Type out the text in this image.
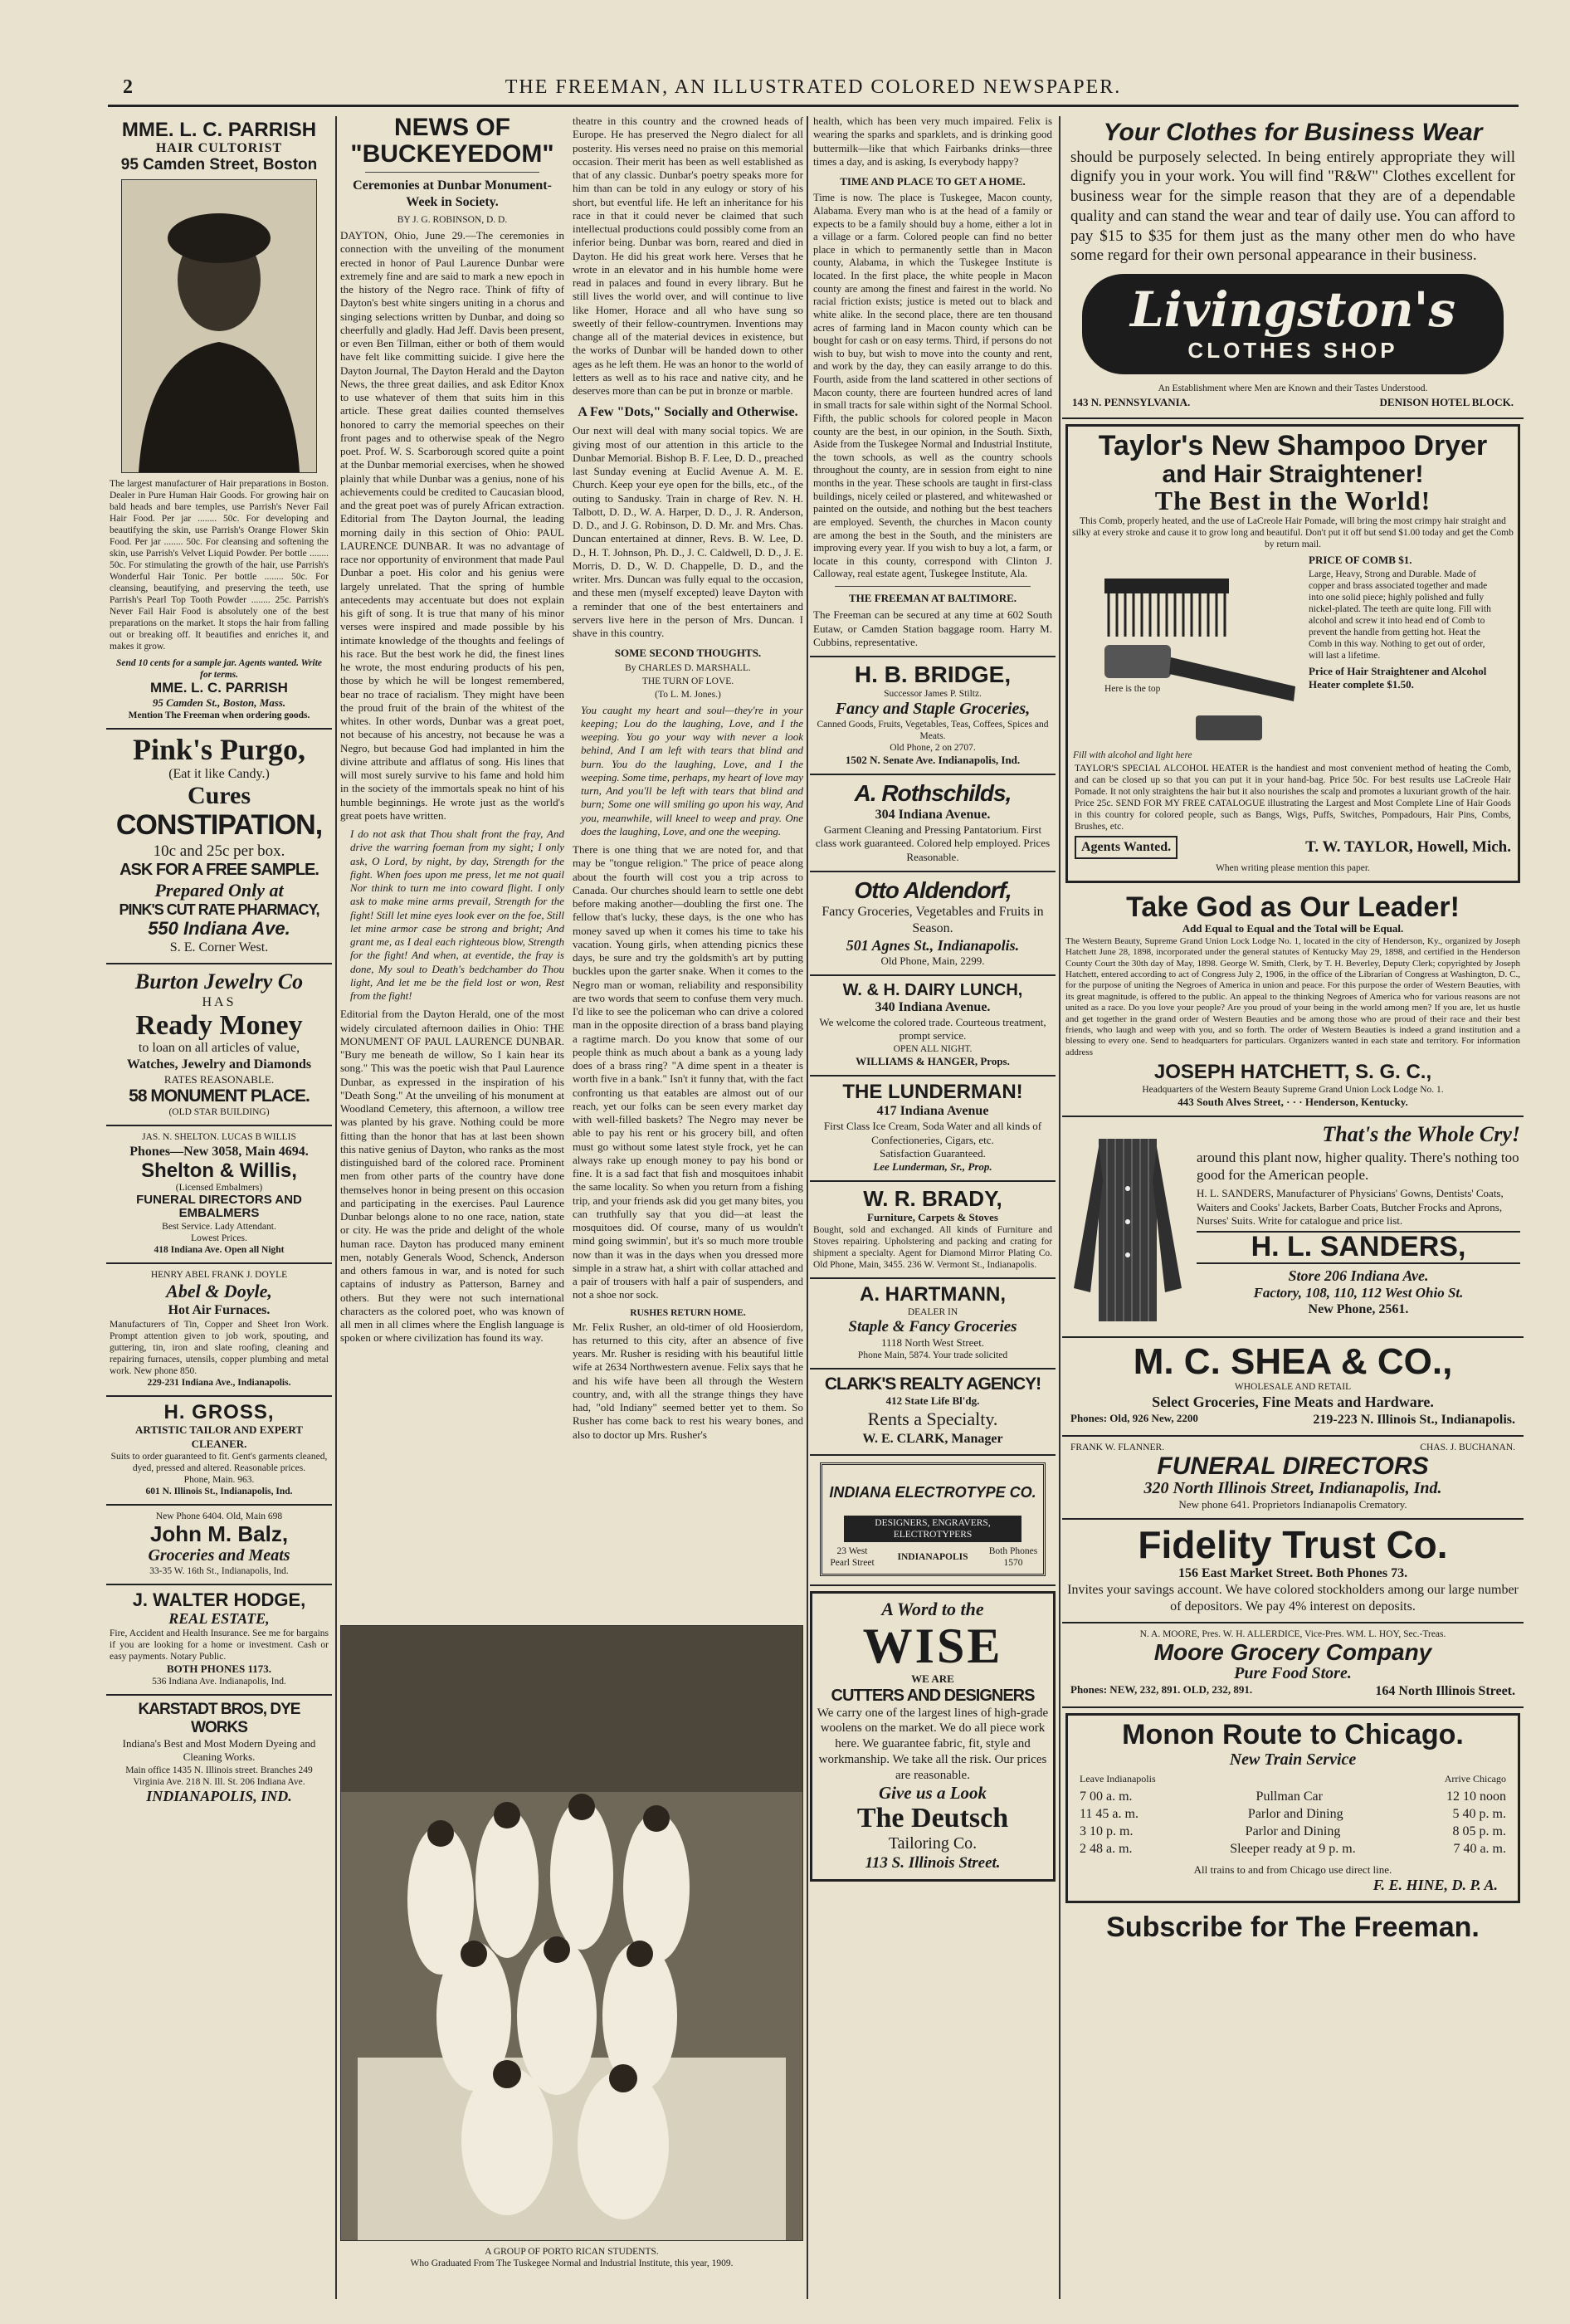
2	THE FREEMAN, AN ILLUSTRATED COLORED NEWSPAPER.

MME. L. C. PARRISH

HAIR CULTORIST

95 Camden Street, Boston

The largest manufacturer of Hair preparations in Boston. Dealer in Pure Human Hair Goods. For growing hair on bald heads and bare temples, use Parrish's Never Fail Hair Food. Per jar ........ 50c. For developing and beautifying the skin, use Parrish's Orange Flower Skin Food. Per jar ........ 50c. For cleansing and softening the skin, use Parrish's Velvet Liquid Powder. Per bottle ........ 50c. For stimulating the growth of the hair, use Parrish's Wonderful Hair Tonic. Per bottle ........ 50c. For cleansing, beautifying, and preserving the teeth, use Parrish's Pearl Top Tooth Powder ........ 25c. Parrish's Never Fail Hair Food is absolutely one of the best preparations on the market. It stops the hair from falling out or breaking off. It beautifies and enriches it, and makes it grow.

Send 10 cents for a sample jar. Agents wanted. Write for terms.

MME. L. C. PARRISH

95 Camden St., Boston, Mass.

Mention The Freeman when ordering goods.

Pink's Purgo,

(Eat it like Candy.)

Cures

CONSTIPATION,

10c and 25c per box.

ASK FOR A FREE SAMPLE.

Prepared Only at

PINK'S CUT RATE PHARMACY,

550 Indiana Ave.

S. E. Corner West.

Burton Jewelry Co

HAS

Ready Money

to loan on all articles of value,

Watches, Jewelry and Diamonds

RATES REASONABLE.

58 MONUMENT PLACE.

(OLD STAR BUILDING)

JAS. N. SHELTON. LUCAS B WILLIS

Phones—New 3058, Main 4694.

Shelton & Willis,

(Licensed Embalmers)

FUNERAL DIRECTORS AND EMBALMERS

Best Service. Lady Attendant.

Lowest Prices.

418 Indiana Ave. Open all Night

HENRY ABEL FRANK J. DOYLE

Abel & Doyle,

Hot Air Furnaces.

Manufacturers of Tin, Copper and Sheet Iron Work. Prompt attention given to job work, spouting, and guttering, tin, iron and slate roofing, cleaning and repairing furnaces, utensils, copper plumbing and metal work. New phone 850.

229-231 Indiana Ave., Indianapolis.

H. GROSS,

ARTISTIC TAILOR AND EXPERT CLEANER.

Suits to order guaranteed to fit. Gent's garments cleaned, dyed, pressed and altered. Reasonable prices.

Phone, Main. 963.

601 N. Illinois St., Indianapolis, Ind.

New Phone 6404. Old, Main 698

John M. Balz,

Groceries and Meats

33-35 W. 16th St., Indianapolis, Ind.

J. WALTER HODGE,

REAL ESTATE,

Fire, Accident and Health Insurance. See me for bargains if you are looking for a home or investment. Cash or easy payments. Notary Public.

BOTH PHONES 1173.

536 Indiana Ave. Indianapolis, Ind.

KARSTADT BROS, DYE WORKS

Indiana's Best and Most Modern Dyeing and Cleaning Works.

Main office 1435 N. Illinois street. Branches 249 Virginia Ave. 218 N. Ill. St. 206 Indiana Ave.

INDIANAPOLIS, IND.

NEWS OF "BUCKEYEDOM"

Ceremonies at Dunbar Monument-Week in Society.

BY J. G. ROBINSON, D. D.

DAYTON, Ohio, June 29.—The ceremonies in connection with the unveiling of the monument erected in honor of Paul Laurence Dunbar were extremely fine and are said to mark a new epoch in the history of the Negro race. Think of fifty of Dayton's best white singers uniting in a chorus and singing selections written by Dunbar, and doing so cheerfully and gladly. Had Jeff. Davis been present, or even Ben Tillman, either or both of them would have felt like committing suicide. I give here the Dayton Journal, The Dayton Herald and the Dayton News, the three great dailies, and ask Editor Knox to use whatever of them that suits him in this article. These great dailies counted themselves honored to carry the memorial speeches on their front pages and to otherwise speak of the Negro poet. Prof. W. S. Scarborough scored quite a point at the Dunbar memorial exercises, when he showed plainly that while Dunbar was a genius, none of his achievements could be credited to Caucasian blood, and the great poet was of purely African extraction. Editorial from The Dayton Journal, the leading morning daily in this section of Ohio: PAUL LAURENCE DUNBAR. It was no advantage of race nor opportunity of environment that made Paul Dunbar a poet. His color and his genius were largely unrelated. That the spring of humble antecedents may accentuate but does not explain his gift of song. It is true that many of his minor verses were inspired and made possible by his intimate knowledge of the thoughts and feelings of his race. But the best work he did, the finest lines he wrote, the most enduring products of his pen, those by which he will be longest remembered, bear no trace of racialism. They might have been the proud fruit of the brain of the whitest of the whites. In other words, Dunbar was a great poet, not because of his ancestry, not because he was a Negro, but because God had implanted in him the divine attribute and afflatus of song. His lines that will most surely survive to his fame and hold him in the society of the immortals speak no hint of his humble beginnings. He wrote just as the world's great poets have written.

I do not ask that Thou shalt front the fray, And drive the warring foeman from my sight; I only ask, O Lord, by night, by day, Strength for the fight. When foes upon me press, let me not quail Nor think to turn me into coward flight. I only ask to make mine arms prevail, Strength for the fight! Still let mine eyes look ever on the foe, Still let mine armor case be strong and bright; And grant me, as I deal each righteous blow, Strength for the fight! And when, at eventide, the fray is done, My soul to Death's bedchamber do Thou light, And let me be the field lost or won, Rest from the fight!

Editorial from the Dayton Herald, one of the most widely circulated afternoon dailies in Ohio: THE MONUMENT OF PAUL LAURENCE DUNBAR. "Bury me beneath de willow, So I kain hear its song." This was the poetic wish that Paul Laurence Dunbar, as expressed in the inspiration of his "Death Song." At the unveiling of his monument at Woodland Cemetery, this afternoon, a willow tree was planted by his grave. Nothing could be more fitting than the honor that has at last been shown this native genius of Dayton, who ranks as the most distinguished bard of the colored race. Prominent men from other parts of the country have done themselves honor in being present on this occasion and participating in the exercises. Paul Laurence Dunbar belongs alone to no one race, nation, state or city. He was the pride and delight of the whole human race. Dayton has produced many eminent men, notably Generals Wood, Schenck, Anderson and others famous in war, and is noted for such captains of industry as Patterson, Barney and others. But they were not such international characters as the colored poet, who was known of all men in all climes where the English language is spoken or where civilization has found its way.

theatre in this country and the crowned heads of Europe. He has preserved the Negro dialect for all posterity. His verses need no praise on this memorial occasion. Their merit has been as well established as that of any classic. Dunbar's poetry speaks more for him than can be told in any eulogy or story of his short, but eventful life. He left an inheritance for his race in that it could never be claimed that such intellectual productions could possibly come from an inferior being. Dunbar was born, reared and died in Dayton. He did his great work here. Verses that he wrote in an elevator and in his humble home were read in palaces and found in every library. But he still lives the world over, and will continue to live like Homer, Horace and all who have sung so sweetly of their fellow-countrymen. Inventions may change all of the material devices in existence, but the works of Dunbar will be handed down to other ages as he left them. He was an honor to the world of letters as well as to his race and native city, and he deserves more than can be put in bronze or marble.

A Few "Dots," Socially and Otherwise.

Our next will deal with many social topics. We are giving most of our attention in this article to the Dunbar Memorial. Bishop B. F. Lee, D. D., preached last Sunday evening at Euclid Avenue A. M. E. Church. Keep your eye open for the bills, etc., of the outing to Sandusky. Train in charge of Rev. N. H. Talbott, D. D., W. A. Harper, D. D., J. R. Anderson, D. D., and J. G. Robinson, D. D. Mr. and Mrs. Chas. Duncan entertained at dinner, Revs. B. W. Lee, D. D., H. T. Johnson, Ph. D., J. C. Caldwell, D. D., J. E. Morris, D. D., W. D. Chappelle, D. D., and the writer. Mrs. Duncan was fully equal to the occasion, and these men (myself excepted) leave Dayton with a reminder that one of the best entertainers and servers live here in the person of Mrs. Duncan. I shave in this country.

SOME SECOND THOUGHTS.

By CHARLES D. MARSHALL.

THE TURN OF LOVE.

(To L. M. Jones.)

You caught my heart and soul—they're in your keeping; Lou do the laughing, Love, and I the weeping. You go your way with never a look behind, And I am left with tears that blind and burn. You do the laughing, Love, and I the weeping. Some time, perhaps, my heart of love may turn, And you'll be left with tears that blind and burn; Some one will smiling go upon his way, And you, meanwhile, will kneel to weep and pray. One does the laughing, Love, and one the weeping.

There is one thing that we are noted for, and that may be "tongue religion." The price of peace along about the fourth will cost you a trip across to Canada. Our churches should learn to settle one debt before making another—doubling the first one. The fellow that's lucky, these days, is the one who has money saved up when it comes his time to take his vacation. Young girls, when attending picnics these days, be sure and try the goldsmith's art by putting buckles upon the garter snake. When it comes to the Negro man or woman, reliability and responsibility are two words that seem to confuse them very much. I'd like to see the policeman who can drive a colored man in the opposite direction of a brass band playing a ragtime march. Do you know that some of our people think as much about a bank as a young lady does of a brass ring? "A dime spent in a theater is worth five in a bank." Isn't it funny that, with the fact confronting us that eatables are almost out of our reach, yet our folks can be seen every market day with well-filled baskets? The Negro may never be able to pay his rent or his grocery bill, and often must go without some latest style frock, yet he can always rake up enough money to pay his bond or fine. It is a sad fact that fish and mosquitoes inhabit the same locality. So when you return from a fishing trip, and your friends ask did you get many bites, you can truthfully say that you did—at least the mosquitoes did. Of course, many of us wouldn't mind going swimmin', but it's so much more trouble now than it was in the days when you dressed more simple in a straw hat, a shirt with collar attached and a pair of trousers with half a pair of suspenders, and not a shoe nor sock.

RUSHES RETURN HOME.

Mr. Felix Rusher, an old-timer of old Hoosierdom, has returned to this city, after an absence of five years. Mr. Rusher is residing with his beautiful little wife at 2634 Northwestern avenue. Felix says that he and his wife have been all through the Western country, and, with all the strange things they have had, "old Indiany" seemed better yet to them. So Rusher has come back to rest his weary bones, and also to doctor up Mrs. Rusher's

A GROUP OF PORTO RICAN STUDENTS.

Who Graduated From The Tuskegee Normal and Industrial Institute, this year, 1909.

health, which has been very much impaired. Felix is wearing the sparks and sparklets, and is drinking good buttermilk—like that which Fairbanks drinks—three times a day, and is asking, Is everybody happy?

TIME AND PLACE TO GET A HOME.

Time is now. The place is Tuskegee, Macon county, Alabama. Every man who is at the head of a family or expects to be a family should buy a home, either a lot in a village or a farm. Colored people can find no better place in which to permanently settle than in Macon county, Alabama, in which the Tuskegee Institute is located. In the first place, the white people in Macon county are among the finest and fairest in the world. No racial friction exists; justice is meted out to black and white alike. In the second place, there are ten thousand acres of farming land in Macon county which can be bought for cash or on easy terms. Third, if persons do not wish to buy, but wish to move into the county and rent, and work by the day, they can easily arrange to do this. Fourth, aside from the land scattered in other sections of Macon county, there are fourteen hundred acres of land in small tracts for sale within sight of the Normal School. Fifth, the public schools for colored people in Macon county are the best, in our opinion, in the South. Sixth, Aside from the Tuskegee Normal and Industrial Institute, the town schools, as well as the country schools throughout the county, are in session from eight to nine months in the year. These schools are taught in first-class buildings, nicely ceiled or plastered, and whitewashed or painted on the outside, and nothing but the best teachers are employed. Seventh, the churches in Macon county are among the best in the South, and the ministers are improving every year. If you wish to buy a lot, a farm, or locate in this county, correspond with Clinton J. Calloway, real estate agent, Tuskegee Institute, Ala.

THE FREEMAN AT BALTIMORE.

The Freeman can be secured at any time at 602 South Eutaw, or Camden Station baggage room. Harry M. Cubbins, representative.

H. B. BRIDGE,

Successor James P. Stiltz.

Fancy and Staple Groceries,

Canned Goods, Fruits, Vegetables, Teas, Coffees, Spices and Meats.

Old Phone, 2 on 2707.

1502 N. Senate Ave. Indianapolis, Ind.

A. Rothschilds,

304 Indiana Avenue.

Garment Cleaning and Pressing Pantatorium. First class work guaranteed. Colored help employed. Prices Reasonable.

Otto Aldendorf,

Fancy Groceries, Vegetables and Fruits in Season.

501 Agnes St., Indianapolis.

Old Phone, Main, 2299.

W. & H. DAIRY LUNCH,

340 Indiana Avenue.

We welcome the colored trade. Courteous treatment, prompt service.

OPEN ALL NIGHT.

WILLIAMS & HANGER, Props.

THE LUNDERMAN!

417 Indiana Avenue

First Class Ice Cream, Soda Water and all kinds of Confectioneries, Cigars, etc.

Satisfaction Guaranteed.

Lee Lunderman, Sr., Prop.

W. R. BRADY,

Furniture, Carpets & Stoves

Bought, sold and exchanged. All kinds of Furniture and Stoves repairing. Upholstering and packing and crating for shipment a specialty. Agent for Diamond Mirror Plating Co. Old Phone, Main, 3455. 236 W. Vermont St., Indianapolis.

A. HARTMANN,

DEALER IN

Staple & Fancy Groceries

1118 North West Street.

Phone Main, 5874. Your trade solicited

CLARK'S REALTY AGENCY!

412 State Life Bl'dg.

Rents a Specialty.

W. E. CLARK, Manager

INDIANA ELECTROTYPE CO.

DESIGNERS, ENGRAVERS, ELECTROTYPERS

23 West Pearl Street
INDIANAPOLIS
Both Phones 1570

A Word to the

WISE

WE ARE

CUTTERS AND DESIGNERS

We carry one of the largest lines of high-grade woolens on the market. We do all piece work here. We guarantee fabric, fit, style and workmanship. We take all the risk. Our prices are reasonable.

Give us a Look

The Deutsch

Tailoring Co.

113 S. Illinois Street.

Your Clothes for Business Wear

should be purposely selected. In being entirely appropriate they will dignify you in your work. You will find "R&W" Clothes excellent for business wear for the simple reason that they are of a dependable quality and can stand the wear and tear of daily use. You can afford to pay $15 to $35 for them just as the many other men do who have some regard for their own personal appearance in their business.

Livingston's

CLOTHES SHOP

An Establishment where Men are Known and their Tastes Understood.

143 N. PENNSYLVANIA.	DENISON HOTEL BLOCK.

Taylor's New Shampoo Dryer

and Hair Straightener!

The Best in the World!

This Comb, properly heated, and the use of LaCreole Hair Pomade, will bring the most crimpy hair straight and silky at every stroke and cause it to grow long and beautiful. Don't put it off but send $1.00 today and get the Comb by return mail.

Here is the top
Fill with alcohol and light here

PRICE OF COMB $1.

Large, Heavy, Strong and Durable. Made of copper and brass associated together and made into one solid piece; highly polished and fully nickel-plated. The teeth are quite long. Fill with alcohol and screw it into head end of Comb to prevent the handle from getting hot. Heat the Comb in this way. Nothing to get out of order, will last a lifetime.

Price of Hair Straightener and Alcohol Heater complete $1.50.

TAYLOR'S SPECIAL ALCOHOL HEATER is the handiest and most convenient method of heating the Comb, and can be closed up so that you can put it in your hand-bag. Price 50c. For best results use LaCreole Hair Pomade. It not only straightens the hair but it also nourishes the scalp and promotes a luxuriant growth of the hair. Price 25c. SEND FOR MY FREE CATALOGUE illustrating the Largest and Most Complete Line of Hair Goods in this country for colored people, such as Bangs, Wigs, Puffs, Switches, Pompadours, Hair Pins, Combs, Brushes, etc.

Agents Wanted.	T. W. TAYLOR, Howell, Mich.

When writing please mention this paper.

Take God as Our Leader!

Add Equal to Equal and the Total will be Equal.

The Western Beauty, Supreme Grand Union Lock Lodge No. 1, located in the city of Henderson, Ky., organized by Joseph Hatchett June 28, 1898, incorporated under the general statutes of Kentucky May 29, 1898, and certified in the Henderson County Court the 30th day of May, 1898. George W. Smith, Clerk, by T. H. Beverley, Deputy Clerk; copyrighted by Joseph Hatchett, entered according to act of Congress July 2, 1906, in the office of the Librarian of Congress at Washington, D. C., for the purpose of uniting the Negroes of America in union and peace. For this purpose the order of Western Beauties, with its great magnitude, is offered to the public. An appeal to the thinking Negroes of America who for various reasons are not united as a race. Do you love your people? Are you proud of your being in the world among men? If you are, let us hustle and get together in the grand order of Western Beauties and be among those who are proud of their race and their best friends, who laugh and weep with you, and so forth. The order of Western Beauties is indeed a grand institution and a blessing to every one. Send to headquarters for particulars. Organizers wanted in each state and territory. For information address

JOSEPH HATCHETT, S. G. C.,

Headquarters of the Western Beauty Supreme Grand Union Lock Lodge No. 1.

443 South Alves Street, · · · Henderson, Kentucky.

That's the Whole Cry!

around this plant now, higher quality. There's nothing too good for the American people.

H. L. SANDERS, Manufacturer of Physicians' Gowns, Dentists' Coats, Waiters and Cooks' Jackets, Barber Coats, Butcher Frocks and Aprons, Nurses' Suits. Write for catalogue and price list.

H. L. SANDERS,

Store 206 Indiana Ave.

Factory, 108, 110, 112 West Ohio St.

New Phone, 2561.

M. C. SHEA & CO.,

WHOLESALE AND RETAIL

Select Groceries, Fine Meats and Hardware.

Phones: Old, 926 New, 2200	219-223 N. Illinois St., Indianapolis.
FRANK W. FLANNER.	CHAS. J. BUCHANAN.

FUNERAL DIRECTORS

320 North Illinois Street, Indianapolis, Ind.

New phone 641. Proprietors Indianapolis Crematory.

Fidelity Trust Co.

156 East Market Street. Both Phones 73.

Invites your savings account. We have colored stockholders among our large number of depositors. We pay 4% interest on deposits.

N. A. MOORE, Pres. W. H. ALLERDICE, Vice-Pres. WM. L. HOY, Sec.-Treas.

Moore Grocery Company

Pure Food Store.

Phones: NEW, 232, 891. OLD, 232, 891.	164 North Illinois Street.

Monon Route to Chicago.

New Train Service

Leave Indianapolis	Arrive Chicago
7 00 a. m.	Pullman Car	12 10 noon
11 45 a. m.	Parlor and Dining	5 40 p. m.
3 10 p. m.	Parlor and Dining	8 05 p. m.
2 48 a. m.	Sleeper ready at 9 p. m.	7 40 a. m.

All trains to and from Chicago use direct line.

F. E. HINE, D. P. A.

Subscribe for The Freeman.
